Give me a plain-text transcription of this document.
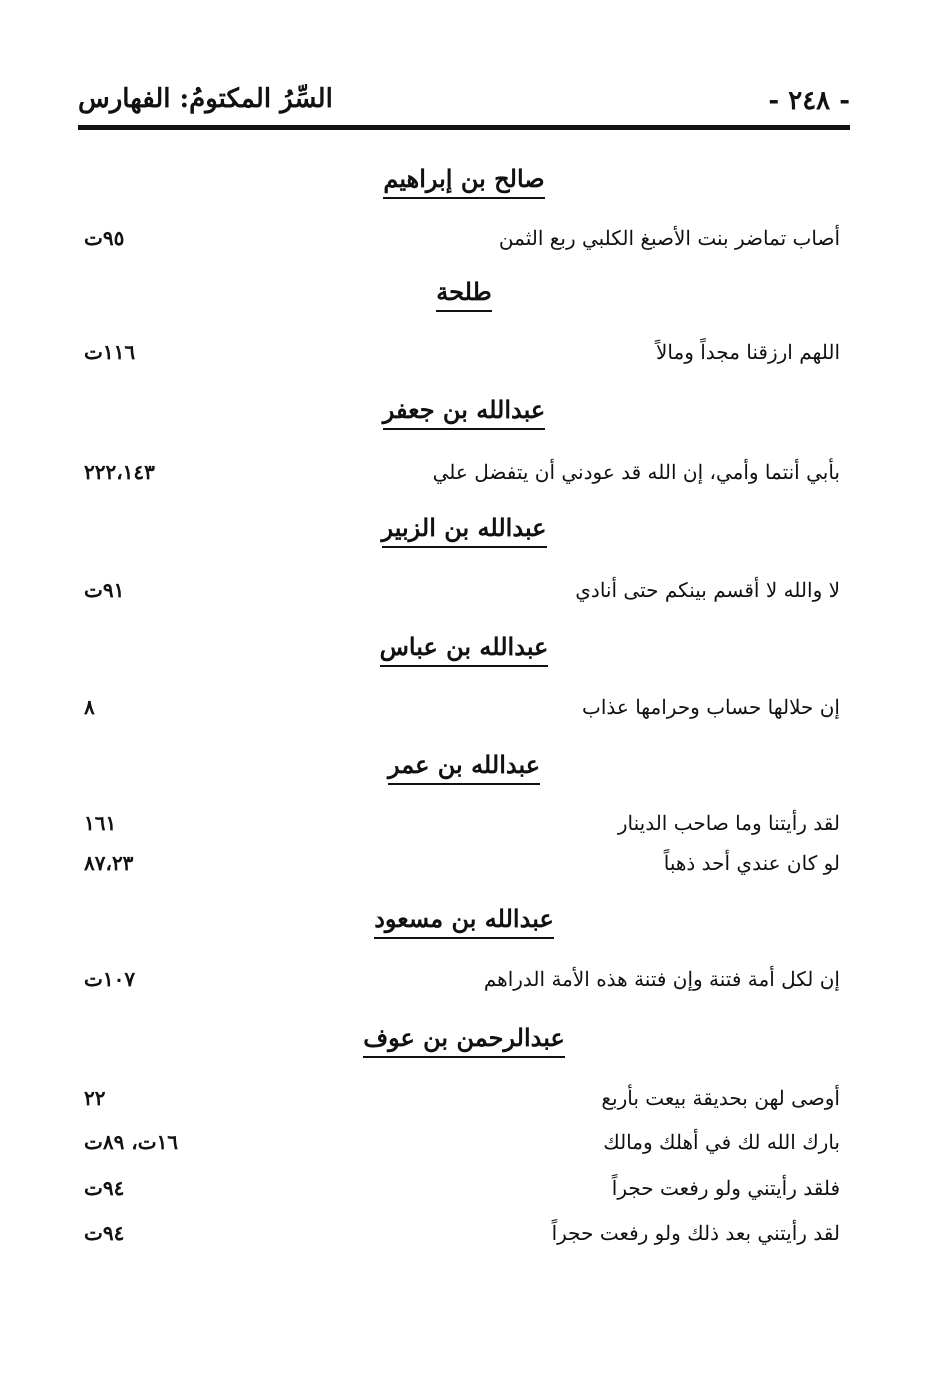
السِّرُ المكتومُ: الفهارس	- ٢٤٨ -
صالح بن إبراهيم
أصاب تماضر بنت الأصبغ الكلبي ربع الثمن
٩٥ت
طلحة
اللهم ارزقنا مجداً ومالاً
١١٦ت
عبدالله بن جعفر
بأبي أنتما وأمي، إن الله قد عودني أن يتفضل علي
٢٢٢،١٤٣
عبدالله بن الزبير
لا والله لا أقسم بينكم حتى أنادي
٩١ت
عبدالله بن عباس
إن حلالها حساب وحرامها عذاب
٨
عبدالله بن عمر
لقد رأيتنا وما صاحب الدينار
١٦١
لو كان عندي أحد ذهباً
٨٧،٢٣
عبدالله بن مسعود
إن لكل أمة فتنة وإن فتنة هذه الأمة الدراهم
١٠٧ت
عبدالرحمن بن عوف
أوصى لهن بحديقة بيعت بأربع
٢٢
بارك الله لك في أهلك ومالك
١٦ت، ٨٩ت
فلقد رأيتني ولو رفعت حجراً
٩٤ت
لقد رأيتني بعد ذلك ولو رفعت حجراً
٩٤ت
